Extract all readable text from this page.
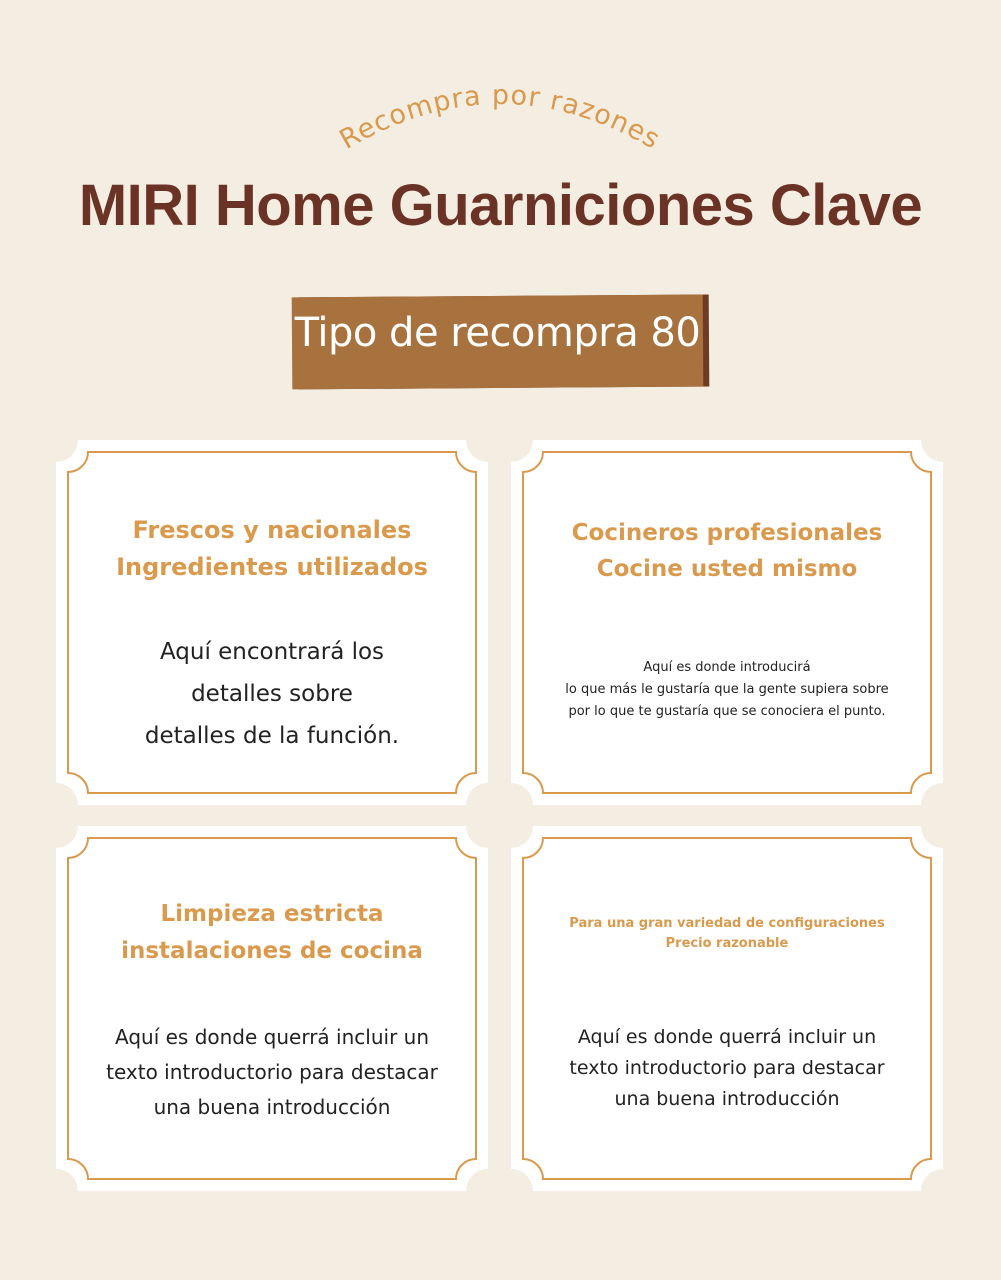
Recompra por razones
MIRI Home Guarniciones Clave
Tipo de recompra 80

Frescos y nacionales
Ingredientes utilizados

Aquí encontrará los
detalles sobre
detalles de la función.

Cocineros profesionales
Cocine usted mismo

Aquí es donde introducirá
lo que más le gustaría que la gente supiera sobre
por lo que te gustaría que se conociera el punto.

Limpieza estricta
instalaciones de cocina

Aquí es donde querrá incluir un
texto introductorio para destacar
una buena introducción

Para una gran variedad de configuraciones
Precio razonable

Aquí es donde querrá incluir un
texto introductorio para destacar
una buena introducción
